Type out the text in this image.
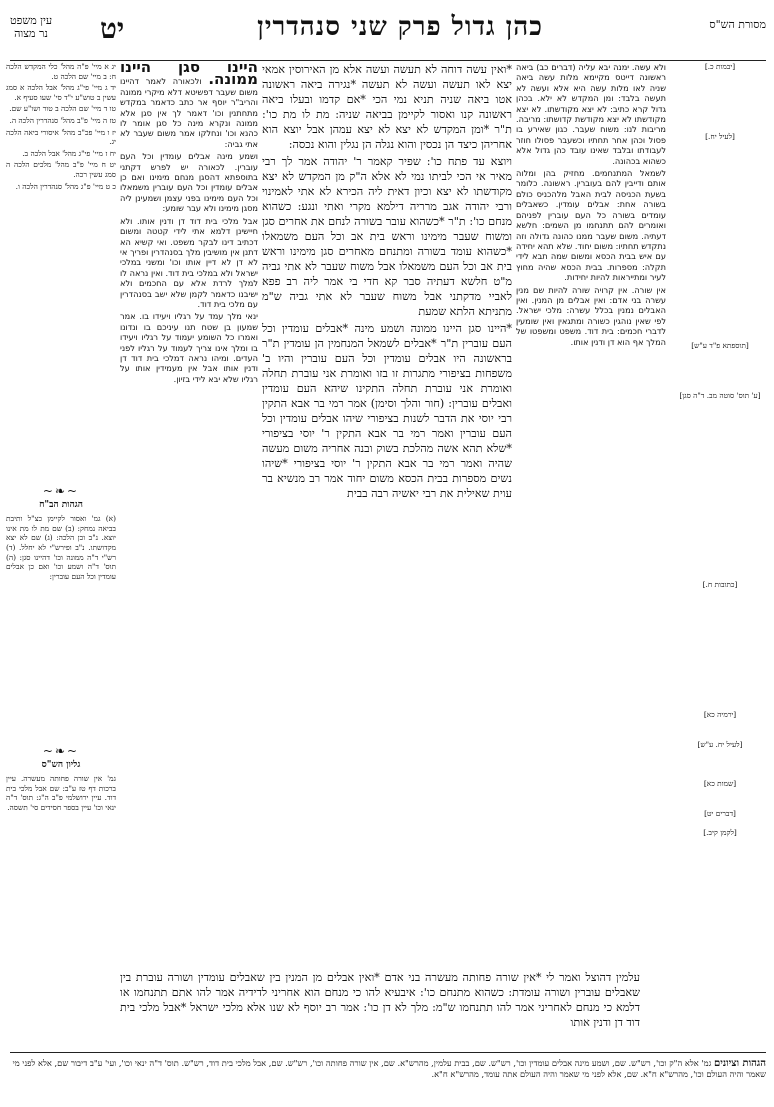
עין משפט
נר מצוה יט	כהן גדול פרק שני סנהדרין	מסורת הש"ס

[יבמות כ.]

[לעיל יח.]

[תוספתא פ"ד ע"ש]

[ע' תוס' סוטה מב. ד"ה סגן]

[כתובות ח.]

[ירמיה כא]

[לעיל יח. ע"ש]

[שמות כא]

[דברים יט]

[לקמן קיב.]

ולא עשה. ימנה יבא עליה (דברים כב) ביאה ראשונה דייטס מקיימא מלות עשה ביאה שניה לאו מלות עשה היא אלא ועשה לא תעשה בלבד: ומן המקדש לא ילא. בכהן גדול קרא כתיב: לא יצא מקודשתו. לא יצא מקודשתו לא יצא מקודשת קדושתו: מריבה. מריבות לנו: משוח שעבר. כגון שאירע בו פסול וכהן אחר תחתיו וכשעבר פסולו חוזר לעבודתו ובלבד שאינו עובד כהן גדול אלא כשהוא בכהונה.

לשמאל המתנחמים. מחזיק בהן ומלוה אותם ודייבין להם בעוברין. ראשונה. כלומר בשעת הכניסה לבית האבל מלהכניס כולם בשורה אחת: אבלים עומדין. כשאבלים עומדים בשורה כל העם עוברין לפניהם ואומרים להם תתנחמו מן השמים: חלשא דעתיה. משום שעבר ממנו כהונה גדולה וזה נתקדש תחתיו: משום יחוד. שלא תהא יחידה עם איש בבית הכסא ומשום שמה תבא לידי תקלה: מספרות. בבית הכסא שהיה מחוץ לעיר ומתייראות להיות יחידות.

אין שורה. אין קרויה שורה להיות שם מנין עשרה בני אדם: ואין אבלים מן המנין. ואין האבלים נמנין בכלל עשרה: מלכי ישראל. לפי שאין נוהגין כשורה ומתגאין ואין שומעין לדברי חכמים: בית דוד. משפט ומשפטו של המלך אף הוא דן ודנין אותו.

*ואין עשה דוחה לא תעשה ועשה אלא מן האירוסין אמאי יצא לאו תעשה ועשה לא תעשה *נגירה ביאה ראשונה אטו ביאה שניה תניא נמי הכי *אם קדמו ובעלו ביאה ראשונה קנו ואסור לקיימן בביאה שניה: מת לו מת כו': ת"ר *ומן המקדש לא יצא לא יצא עמהן אבל יוצא הוא אחריהן כיצד הן נכסין והוא נגלה הן נגלין והוא נכסה:

ויוצא עד פתח כו': שפיר קאמר ר' יהודה אמר לך רבי מאיר אי הכי לביתו נמי לא אלא ה"ק מן המקדש לא יצא מקודשתו לא יצא וכיון דאית ליה הכירא לא אתי לאמינוי ורבי יהודה אגב מרריה דילמא מקרי ואתי ונגע: כשהוא מנחם כו': ת"ר *כשהוא עובר בשורה לנחם את אחרים סגן ומשוח שעבר מימינו וראש בית אב וכל העם משמאלו *כשהוא עומד בשורה ומתנחם מאחרים סגן מימינו וראש בית אב וכל העם משמאלו אבל משוח שעבר לא אתי גביה מ"ט חלשא דעתיה סבר קא חדי בי אמר ליה רב פפא לאביי מדקתני אבל משוח שעבר לא אתי גביה ש"מ מתניתא הלתא שמעת

*היינו סגן היינו ממונה ושמע מינה *אבלים עומדין וכל העם עוברין ת"ר *אבלים לשמאל המנחמין הן עומדין ת"ר בראשונה היו אבלים עומדין וכל העם עוברין והיו ב' משפחות בציפורי מתגרות זו בזו ואומרת אני עוברת תחלה ואומרת אני עוברת תחלה התקינו שיהא העם עומדין ואבלים עוברין: (חור והלך וסימן) אמר רמי בר אבא התקין רבי יוסי את הדבר לשנות בציפורי שיהו אבלים עומדין וכל העם עוברין ואמר רמי בר אבא התקין ר' יוסי בציפורי *שלא תהא אשה מהלכת בשוק ובנה אחריה משום מעשה שהיה ואמר רמי בר אבא התקין ר' יוסי בציפורי *שיהו נשים מספרות בבית הכסא משום יחוד אמר רב מנשיא בר עוית שאילית את רבי יאשיה רבה בבית

היינו סגן היינו ממונה. ולכאורה לאמר דהיינו משום שעבר דפשיטא דלא מיקרי ממונה והריב"ר יוסף אר כתב כדאמר במקדש מתחתנין וכו' דאמר לך אין סגן אלא ממונה ונקרא מינה כל סגן אומר לו כהנא וכו' ונחלקו אמר משום שעבר לא אתי גביה:

ושמע מינה אבלים עומדין וכל העם עוברין. לכאורה יש לפרש דקתני בתוספתא דהסגן מנחם מימינו ואם כן אבלים עומדין וכל העם עוברין משמאלו וכל העם מימינו בפני עצמן ושמעינן ליה מסגן מימינו ולא עבר שומע:

אבל מלכי בית דוד דן ודנין אותו. ולא חיישינן דלמא אתי לידי קטטה ומשום דכתיב דינו לבקר משפט. ואי קשיא הא דתנן אין מושיבין מלך בסנהדרין ופריך אי לא דן לא דיין אותו וכו' ומשני במלכי ישראל ולא במלכי בית דוד. ואין נראה לו למלך לרדת אלא עם החכמים ולא ישיבנו כדאמר לקמן שלא ישב בסנהדרין עם מלכי בית דוד.

ינאי מלך עמד על רגליו ויעידו בו. אמר שמעון בן שטח תנו עיניכם בו ונדונו ואמרו כל השומע יעמוד על רגליו ויעידו בו ומלך אינו צריך לעמוד על רגליו לפני העדים. ומיהו נראה דמלכי בית דוד דן ודנין אותו אבל אין מעמידין אותו על רגליו שלא יבא לידי בזיון.

יג א מיי' פ"ה מהל' כלי המקדש הלכה ח: ב מיי' שם הלכה ט.

יד ג מיי' פי"ג מהל' אבל הלכה א סמג עשין ב טוש"ע י"ד סי' שעו סעיף א.

טו ד מיי' שם הלכה ב טור ושו"ע שם.

טז ה מיי' פ"ב מהל' סנהדרין הלכה ה.

יז ו מיי' פכ"ב מהל' איסורי ביאה הלכה יג.

יח ז מיי' פי"ג מהל' אבל הלכה ב.

יט ח מיי' פ"ב מהל' מלכים הלכה ה סמג עשין רכה.

כ ט מיי' פ"ג מהל' סנהדרין הלכה ו.

~❧~
הגהות הב"ח
(א) גמ' ואסור לקיימן כצ"ל ותיבת בביאה נמחק: (ב) שם מת לו מת אינו יוצא. נ"ב וכן הלכה: (ג) שם לא יצא מקדושתו. נ"ב ופירש"י לא יחלל. (ד) רש"י ד"ה ממונה וכו' דהיינו סגן: (ה) תוס' ד"ה ושמע וכו' ואם כן אבלים עומדין וכל העם עוברין:
~❧~
גליון הש"ס
גמ' אין שורה פחותה מעשרה. עיין ברכות דף טז ע"ב: שם אבל מלכי בית דוד. עיין ירושלמי פ"ב ה"ג: תוס' ד"ה ינאי וכו' עיין בספר חסידים סי' תשסה.
עלמין דהוצל ואמר לי *אין שורה פחותה מעשרה בני אדם *ואין אבלים מן המנין בין שאבלים עומדין ושורה עוברת בין שאבלים עוברין ושורה עומדת: כשהוא מתנחם כו': איבעיא להו כי מנחם הוא אחריני לדידיה אמר להו אתם תתנחמו או דלמא כי מנחם לאחריני אמר להו תתנחמו ש"מ: מלך לא דן כו': אמר רב יוסף לא שנו אלא מלכי ישראל *אבל מלכי בית דוד דן ודנין אותו
הגהות וציונים גמ' אלא ה"ק וכו', רש"ש. שם, ושמע מינה אבלים עומדין וכו', רש"ש. שם, בבית עלמין, מהרש"א. שם, אין שורה פחותה וכו', רש"ש. שם, אבל מלכי בית דוד, רש"ש. תוס' ד"ה ינאי וכו', ועי' ע"ב דיבור שם, אלא לפני מי שאמר והיה העולם וכו', מהרש"א ח"א. שם, אלא לפני מי שאמר והיה העולם אתה עומד, מהרש"א ח"א.
